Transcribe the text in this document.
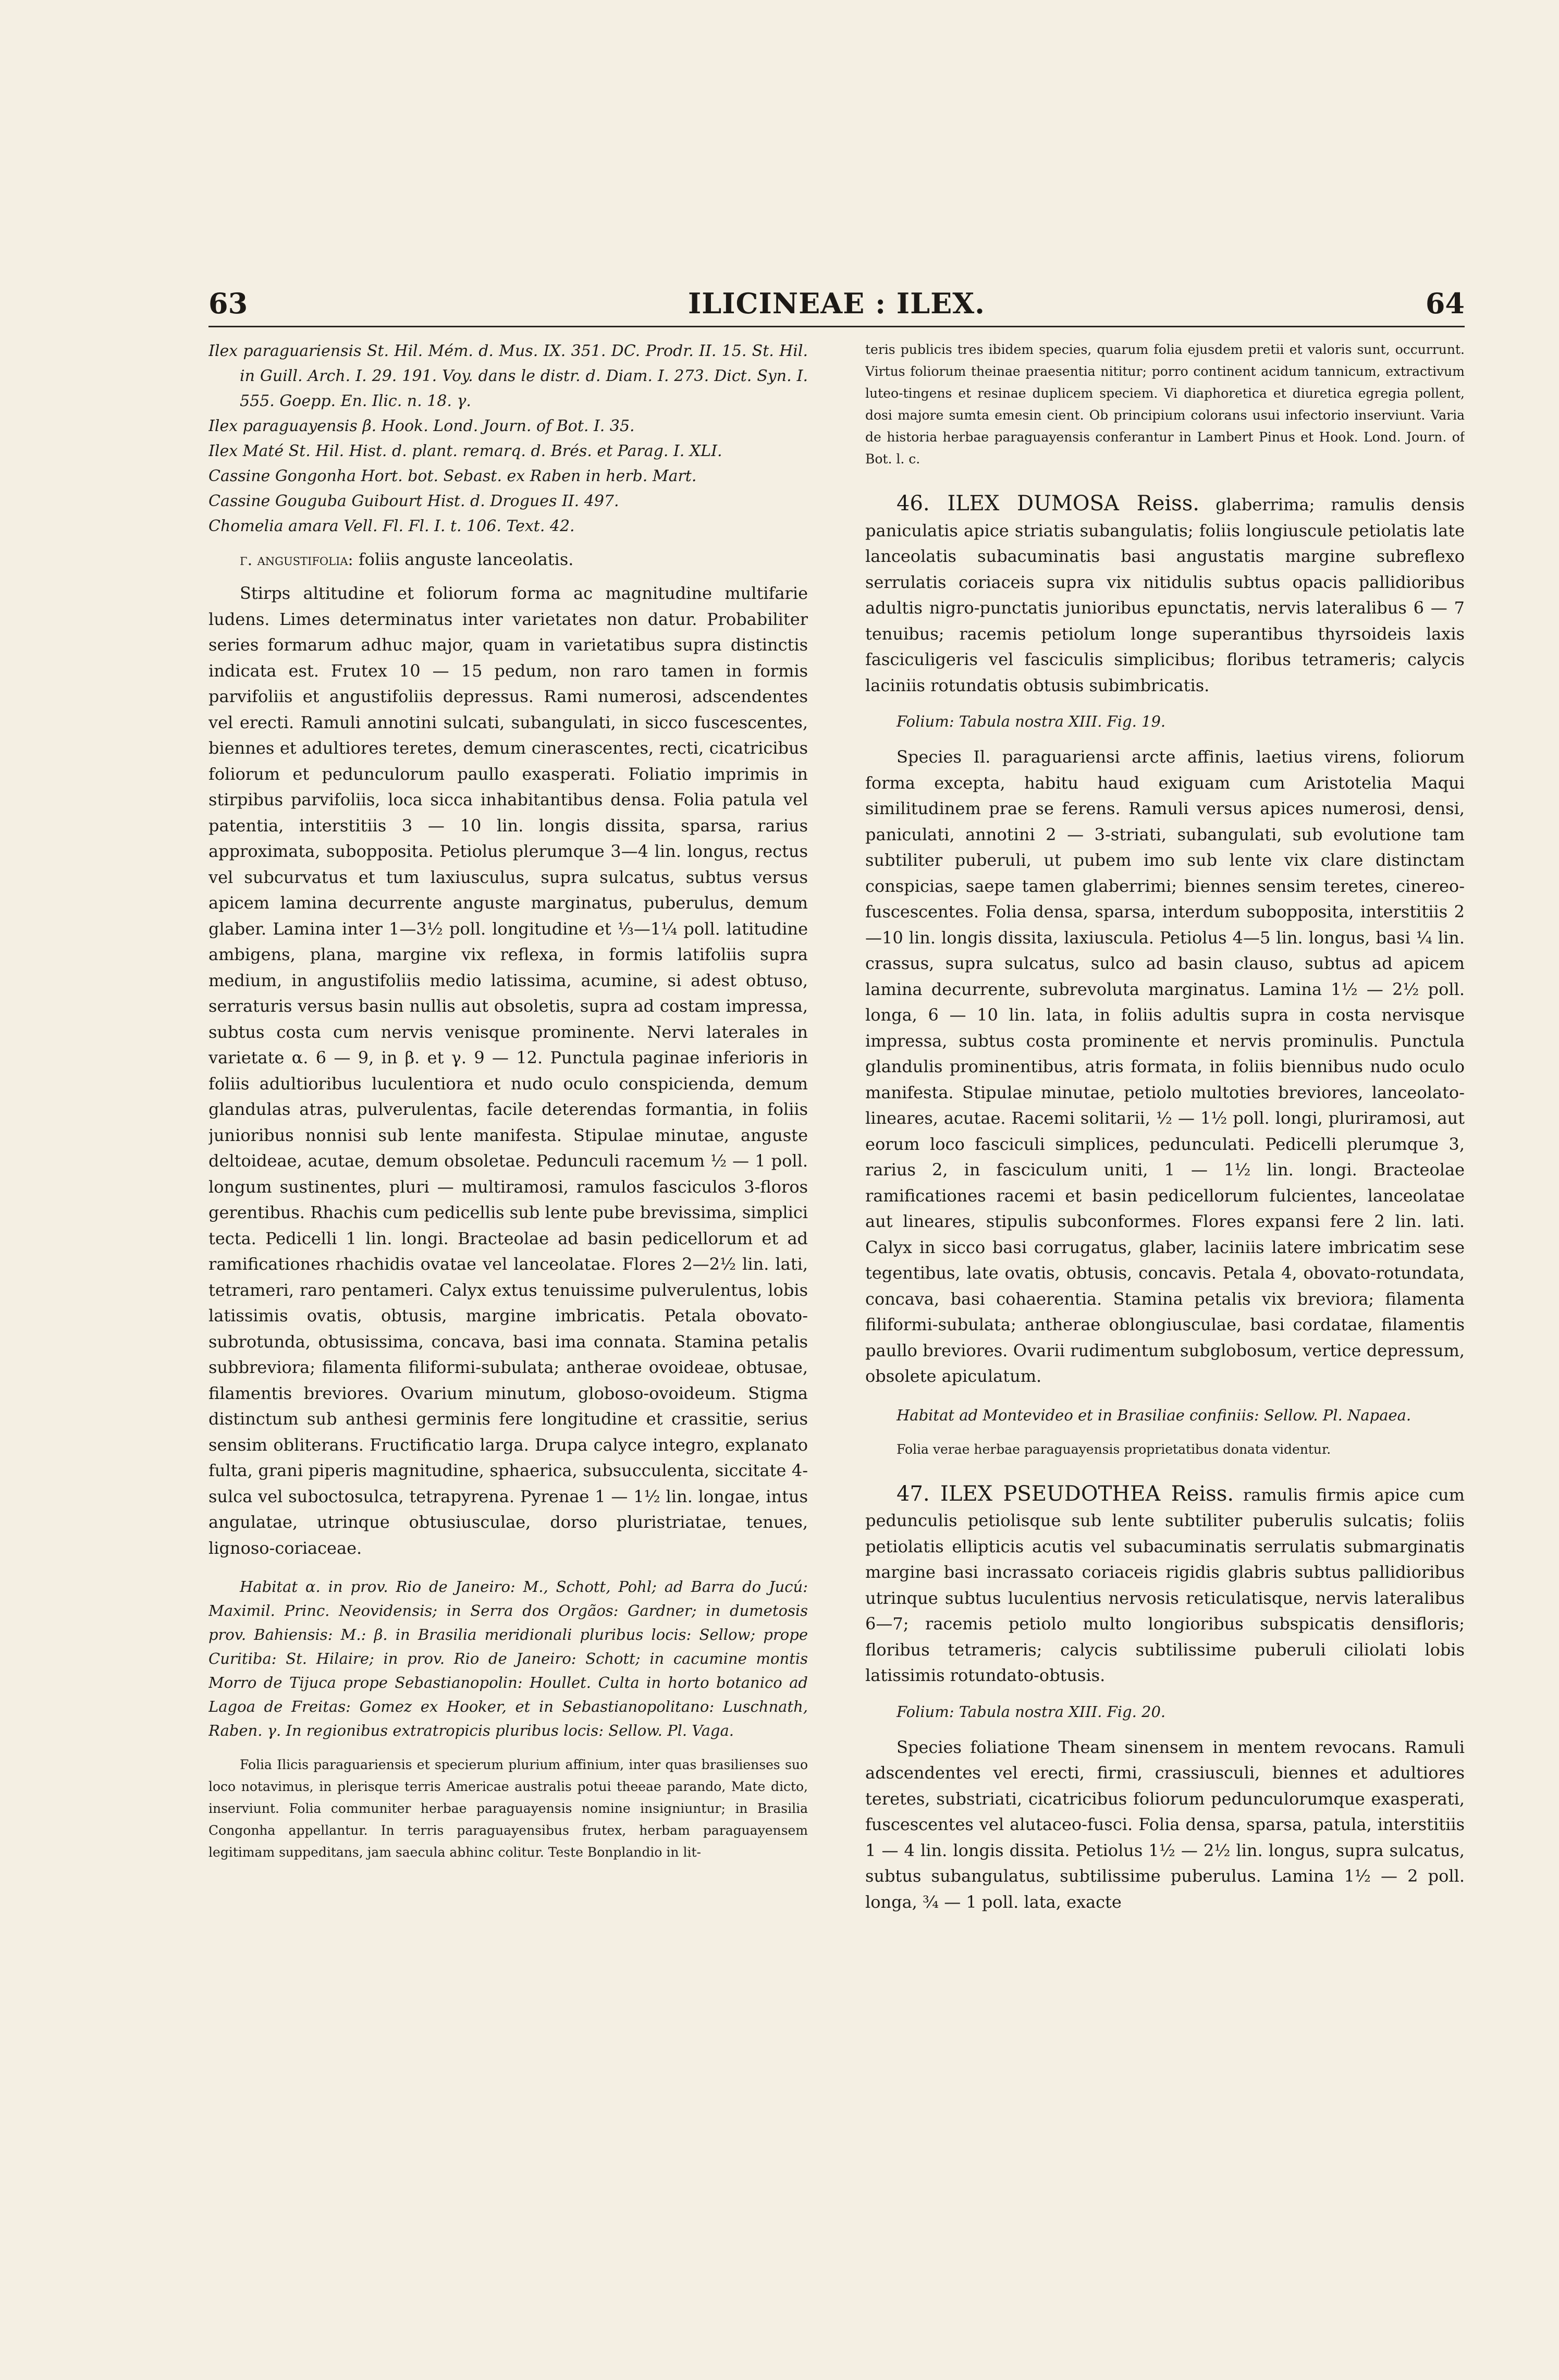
63	ILICINEAE : ILEX.	64

Ilex paraguariensis St. Hil. Mém. d. Mus. IX. 351. DC. Prodr. II. 15. St. Hil. in Guill. Arch. I. 29. 191. Voy. dans le distr. d. Diam. I. 273. Dict. Syn. I. 555. Goepp. En. Ilic. n. 18. γ.

Ilex paraguayensis β. Hook. Lond. Journ. of Bot. I. 35.

Ilex Maté St. Hil. Hist. d. plant. remarq. d. Brés. et Parag. I. XLI.

Cassine Gongonha Hort. bot. Sebast. ex Raben in herb. Mart.

Cassine Gouguba Guibourt Hist. d. Drogues II. 497.

Chomelia amara Vell. Fl. Fl. I. t. 106. Text. 42.

γ. angustifolia: foliis anguste lanceolatis.

Stirps altitudine et foliorum forma ac magnitudine multifarie ludens. Limes determinatus inter varietates non datur. Probabiliter series formarum adhuc major, quam in varietatibus supra distinctis indicata est. Frutex 10 — 15 pedum, non raro tamen in formis parvifoliis et angustifoliis depressus. Rami numerosi, adscendentes vel erecti. Ramuli annotini sulcati, subangulati, in sicco fuscescentes, biennes et adultiores teretes, demum cinerascentes, recti, cicatricibus foliorum et pedunculorum paullo exasperati. Foliatio imprimis in stirpibus parvifoliis, loca sicca inhabitantibus densa. Folia patula vel patentia, interstitiis 3 — 10 lin. longis dissita, sparsa, rarius approximata, subopposita. Petiolus plerumque 3—4 lin. longus, rectus vel subcurvatus et tum laxiusculus, supra sulcatus, subtus versus apicem lamina decurrente anguste marginatus, puberulus, demum glaber. Lamina inter 1—3½ poll. longitudine et ⅓—1¼ poll. latitudine ambigens, plana, margine vix reflexa, in formis latifoliis supra medium, in angustifoliis medio latissima, acumine, si adest obtuso, serraturis versus basin nullis aut obsoletis, supra ad costam impressa, subtus costa cum nervis venisque prominente. Nervi laterales in varietate α. 6 — 9, in β. et γ. 9 — 12. Punctula paginae inferioris in foliis adultioribus luculentiora et nudo oculo conspicienda, demum glandulas atras, pulverulentas, facile deterendas formantia, in foliis junioribus nonnisi sub lente manifesta. Stipulae minutae, anguste deltoideae, acutae, demum obsoletae. Pedunculi racemum ½ — 1 poll. longum sustinentes, pluri — multiramosi, ramulos fasciculos 3-floros gerentibus. Rhachis cum pedicellis sub lente pube brevissima, simplici tecta. Pedicelli 1 lin. longi. Bracteolae ad basin pedicellorum et ad ramificationes rhachidis ovatae vel lanceolatae. Flores 2—2½ lin. lati, tetrameri, raro pentameri. Calyx extus tenuissime pulverulentus, lobis latissimis ovatis, obtusis, margine imbricatis. Petala obovato-subrotunda, obtusissima, concava, basi ima connata. Stamina petalis subbreviora; filamenta filiformi-subulata; antherae ovoideae, obtusae, filamentis breviores. Ovarium minutum, globoso-ovoideum. Stigma distinctum sub anthesi germinis fere longitudine et crassitie, serius sensim obliterans. Fructificatio larga. Drupa calyce integro, explanato fulta, grani piperis magnitudine, sphaerica, subsucculenta, siccitate 4-sulca vel suboctosulca, tetrapyrena. Pyrenae 1 — 1½ lin. longae, intus angulatae, utrinque obtusiusculae, dorso pluristriatae, tenues, lignoso-coriaceae.

Habitat α. in prov. Rio de Janeiro: M., Schott, Pohl; ad Barra do Jucú: Maximil. Princ. Neovidensis; in Serra dos Orgãos: Gardner; in dumetosis prov. Bahiensis: M.: β. in Brasilia meridionali pluribus locis: Sellow; prope Curitiba: St. Hilaire; in prov. Rio de Janeiro: Schott; in cacumine montis Morro de Tijuca prope Sebastianopolin: Houllet. Culta in horto botanico ad Lagoa de Freitas: Gomez ex Hooker, et in Sebastianopolitano: Luschnath, Raben. γ. In regionibus extratropicis pluribus locis: Sellow. Pl. Vaga.

Folia Ilicis paraguariensis et specierum plurium affinium, inter quas brasilienses suo loco notavimus, in plerisque terris Americae australis potui theeae parando, Mate dicto, inserviunt. Folia communiter herbae paraguayensis nomine insigniuntur; in Brasilia Congonha appellantur. In terris paraguayensibus frutex, herbam paraguayensem legitimam suppeditans, jam saecula abhinc colitur. Teste Bonplandio in lit-

teris publicis tres ibidem species, quarum folia ejusdem pretii et valoris sunt, occurrunt. Virtus foliorum theinae praesentia nititur; porro continent acidum tannicum, extractivum luteo-tingens et resinae duplicem speciem. Vi diaphoretica et diuretica egregia pollent, dosi majore sumta emesin cient. Ob principium colorans usui infectorio inserviunt. Varia de historia herbae paraguayensis conferantur in Lambert Pinus et Hook. Lond. Journ. of Bot. l. c.

46. ILEX DUMOSA Reiss. glaberrima; ramulis densis paniculatis apice striatis subangulatis; foliis longiuscule petiolatis late lanceolatis subacuminatis basi angustatis margine subreflexo serrulatis coriaceis supra vix nitidulis subtus opacis pallidioribus adultis nigro-punctatis junioribus epunctatis, nervis lateralibus 6 — 7 tenuibus; racemis petiolum longe superantibus thyrsoideis laxis fasciculigeris vel fasciculis simplicibus; floribus tetrameris; calycis laciniis rotundatis obtusis subimbricatis.

Folium: Tabula nostra XIII. Fig. 19.

Species Il. paraguariensi arcte affinis, laetius virens, foliorum forma excepta, habitu haud exiguam cum Aristotelia Maqui similitudinem prae se ferens. Ramuli versus apices numerosi, densi, paniculati, annotini 2 — 3-striati, subangulati, sub evolutione tam subtiliter puberuli, ut pubem imo sub lente vix clare distinctam conspicias, saepe tamen glaberrimi; biennes sensim teretes, cinereo-fuscescentes. Folia densa, sparsa, interdum subopposita, interstitiis 2—10 lin. longis dissita, laxiuscula. Petiolus 4—5 lin. longus, basi ¼ lin. crassus, supra sulcatus, sulco ad basin clauso, subtus ad apicem lamina decurrente, subrevoluta marginatus. Lamina 1½ — 2½ poll. longa, 6 — 10 lin. lata, in foliis adultis supra in costa nervisque impressa, subtus costa prominente et nervis prominulis. Punctula glandulis prominentibus, atris formata, in foliis biennibus nudo oculo manifesta. Stipulae minutae, petiolo multoties breviores, lanceolato-lineares, acutae. Racemi solitarii, ½ — 1½ poll. longi, pluriramosi, aut eorum loco fasciculi simplices, pedunculati. Pedicelli plerumque 3, rarius 2, in fasciculum uniti, 1 — 1½ lin. longi. Bracteolae ramificationes racemi et basin pedicellorum fulcientes, lanceolatae aut lineares, stipulis subconformes. Flores expansi fere 2 lin. lati. Calyx in sicco basi corrugatus, glaber, laciniis latere imbricatim sese tegentibus, late ovatis, obtusis, concavis. Petala 4, obovato-rotundata, concava, basi cohaerentia. Stamina petalis vix breviora; filamenta filiformi-subulata; antherae oblongiusculae, basi cordatae, filamentis paullo breviores. Ovarii rudimentum subglobosum, vertice depressum, obsolete apiculatum.

Habitat ad Montevideo et in Brasiliae confiniis: Sellow. Pl. Napaea.

Folia verae herbae paraguayensis proprietatibus donata videntur.

47. ILEX PSEUDOTHEA Reiss. ramulis firmis apice cum pedunculis petiolisque sub lente subtiliter puberulis sulcatis; foliis petiolatis ellipticis acutis vel subacuminatis serrulatis submarginatis margine basi incrassato coriaceis rigidis glabris subtus pallidioribus utrinque subtus luculentius nervosis reticulatisque, nervis lateralibus 6—7; racemis petiolo multo longioribus subspicatis densifloris; floribus tetrameris; calycis subtilissime puberuli ciliolati lobis latissimis rotundato-obtusis.

Folium: Tabula nostra XIII. Fig. 20.

Species foliatione Theam sinensem in mentem revocans. Ramuli adscendentes vel erecti, firmi, crassiusculi, biennes et adultiores teretes, substriati, cicatricibus foliorum pedunculorumque exasperati, fuscescentes vel alutaceo-fusci. Folia densa, sparsa, patula, interstitiis 1 — 4 lin. longis dissita. Petiolus 1½ — 2½ lin. longus, supra sulcatus, subtus subangulatus, subtilissime puberulus. Lamina 1½ — 2 poll. longa, ¾ — 1 poll. lata, exacte
